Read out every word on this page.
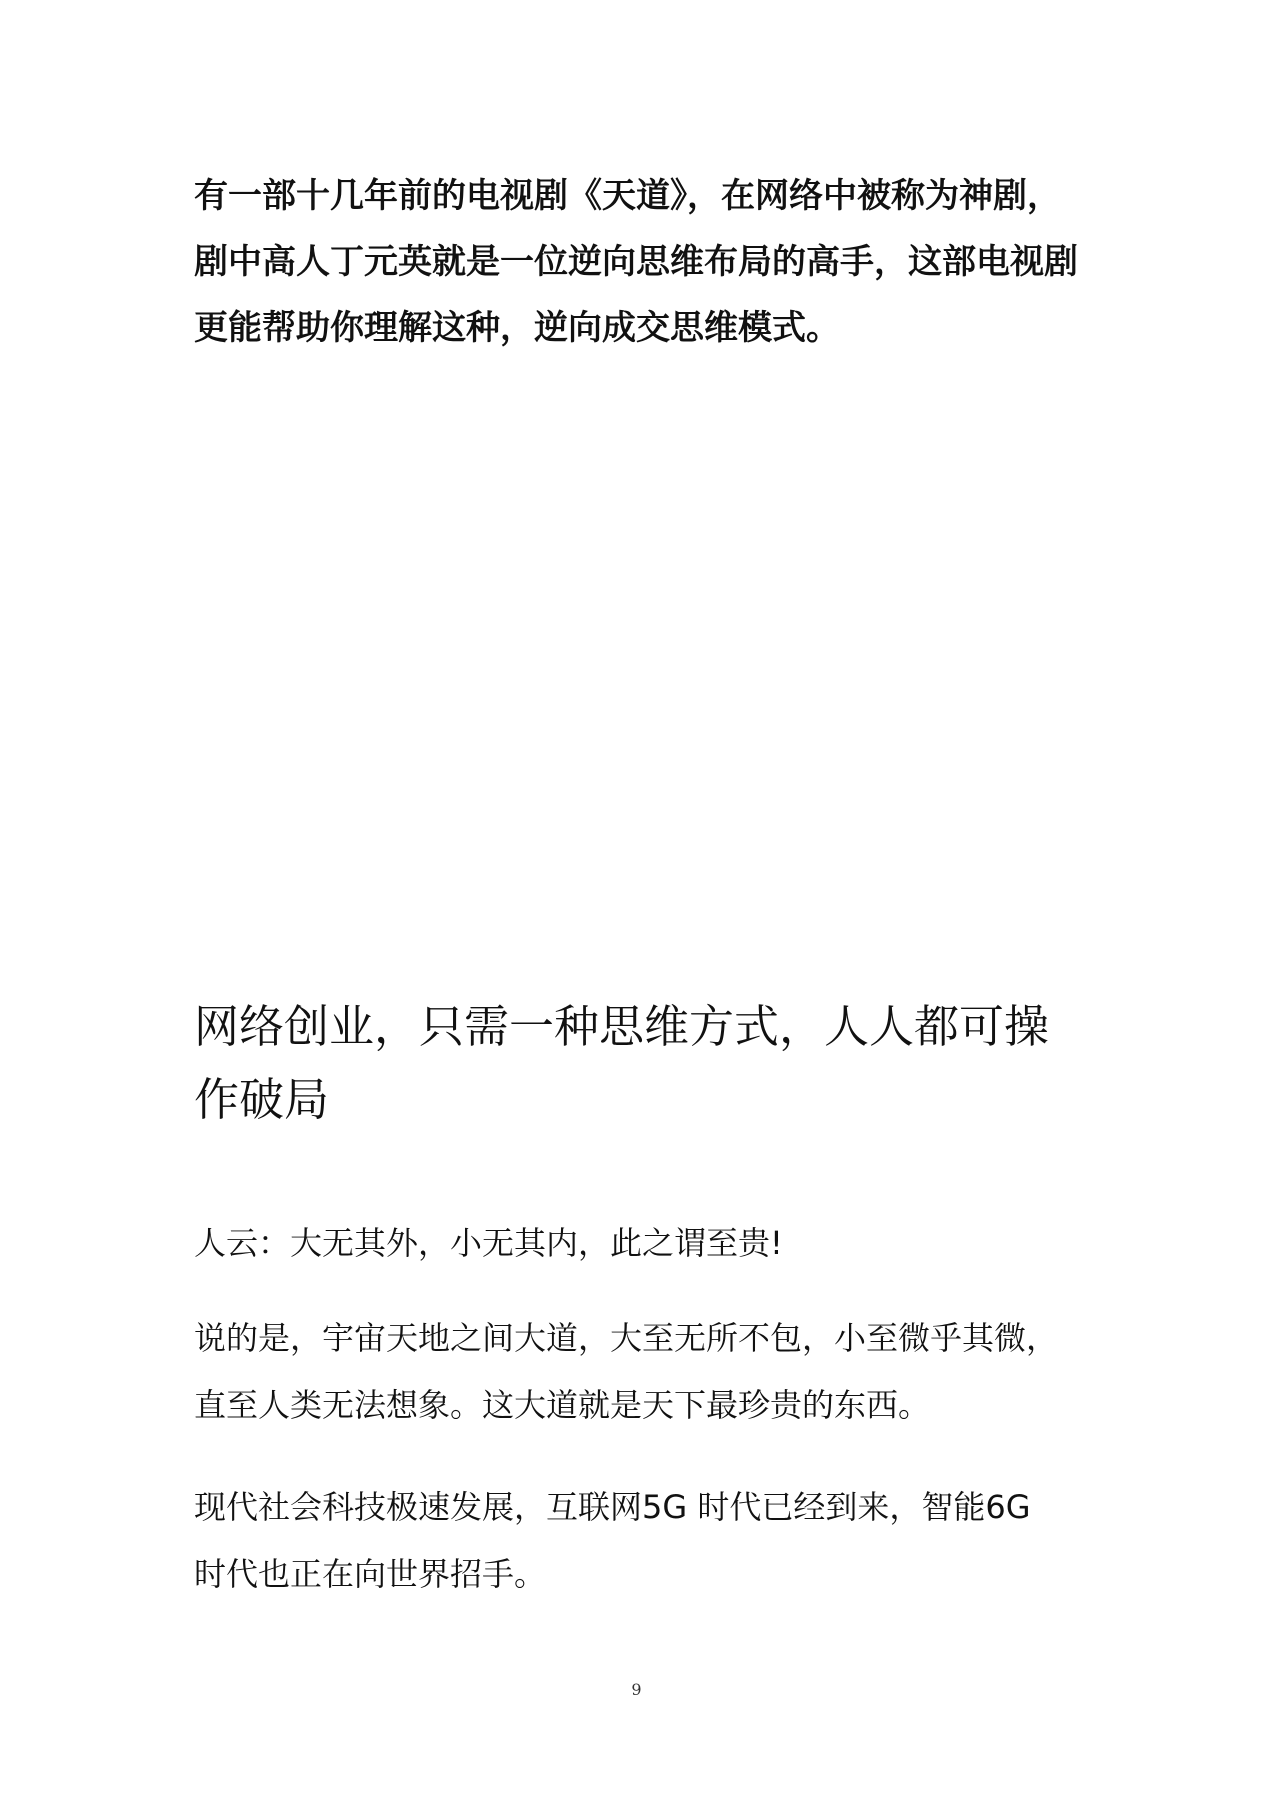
有一部十几年前的电视剧《天道》，在网络中被称为神剧，
剧中高人丁元英就是一位逆向思维布局的高手，这部电视剧
更能帮助你理解这种，逆向成交思维模式。
网络创业，只需一种思维方式，人人都可操
作破局
人云：大无其外，小无其内，此之谓至贵!
说的是，宇宙天地之间大道，大至无所不包，小至微乎其微，
直至人类无法想象。这大道就是天下最珍贵的东西。
现代社会科技极速发展，互联网5G 时代已经到来，智能6G
时代也正在向世界招手。
9
